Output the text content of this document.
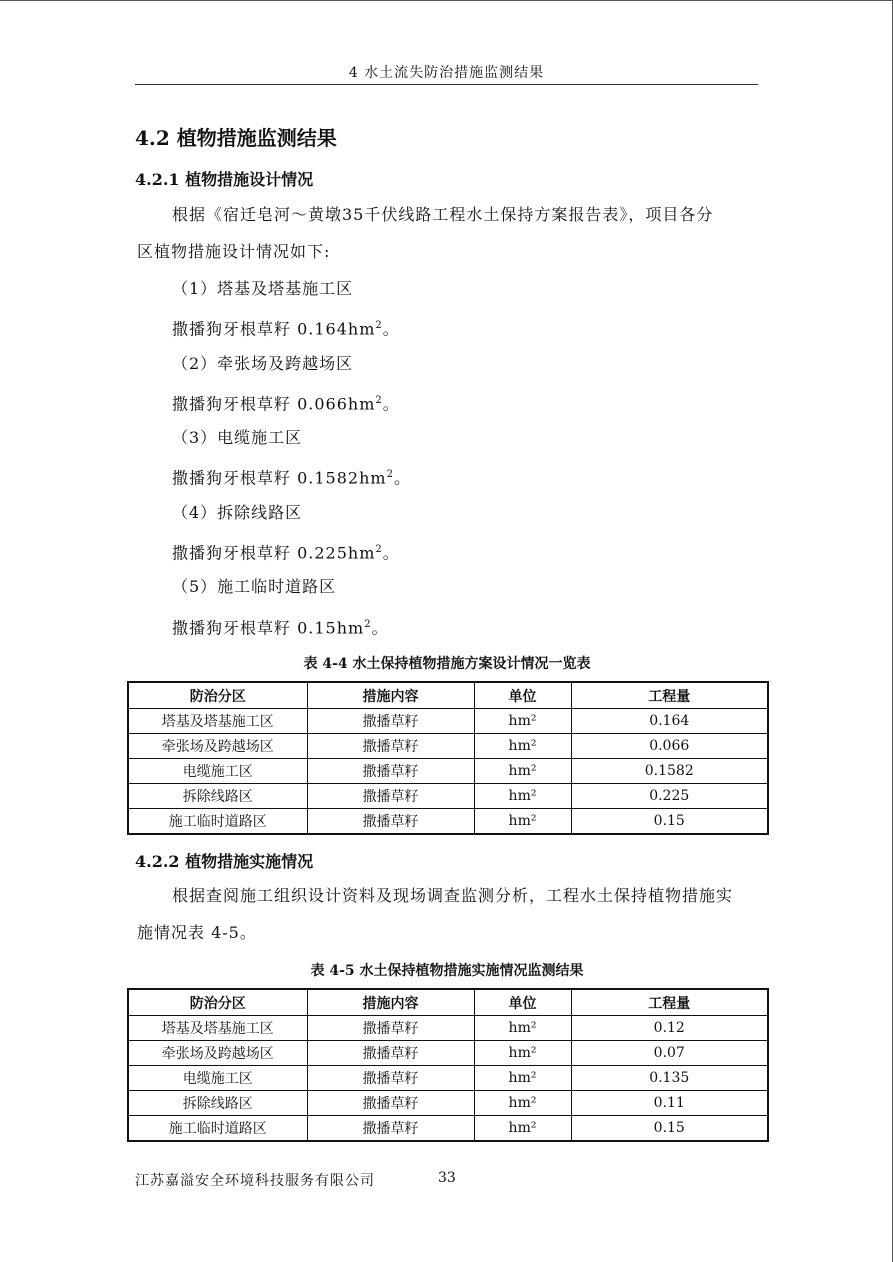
4 水土流失防治措施监测结果
4.2 植物措施监测结果
4.2.1 植物措施设计情况
根据《宿迁皂河～黄墩35千伏线路工程水土保持方案报告表》，项目各分
区植物措施设计情况如下:
（1）塔基及塔基施工区
撒播狗牙根草籽 $0.164hm^2$。
（2）牵张场及跨越场区
撒播狗牙根草籽 $0.066hm^2$。
（3）电缆施工区
撒播狗牙根草籽 $0.1582hm^2$。
（4）拆除线路区
撒播狗牙根草籽 $0.225hm^2$。
（5）施工临时道路区
撒播狗牙根草籽 $0.15hm^2$。
表 4-4 水土保持植物措施方案设计情况一览表
防治分区	措施内容	单位	工程量
塔基及塔基施工区	撒播草籽	hm²	0.164
牵张场及跨越场区	撒播草籽	hm²	0.066
电缆施工区	撒播草籽	hm²	0.1582
拆除线路区	撒播草籽	hm²	0.225
施工临时道路区	撒播草籽	hm²	0.15
4.2.2 植物措施实施情况
根据查阅施工组织设计资料及现场调查监测分析，工程水土保持植物措施实
施情况表 4-5。
表 4-5 水土保持植物措施实施情况监测结果
防治分区	措施内容	单位	工程量
塔基及塔基施工区	撒播草籽	hm²	0.12
牵张场及跨越场区	撒播草籽	hm²	0.07
电缆施工区	撒播草籽	hm²	0.135
拆除线路区	撒播草籽	hm²	0.11
施工临时道路区	撒播草籽	hm²	0.15
江苏嘉溢安全环境科技服务有限公司	33
